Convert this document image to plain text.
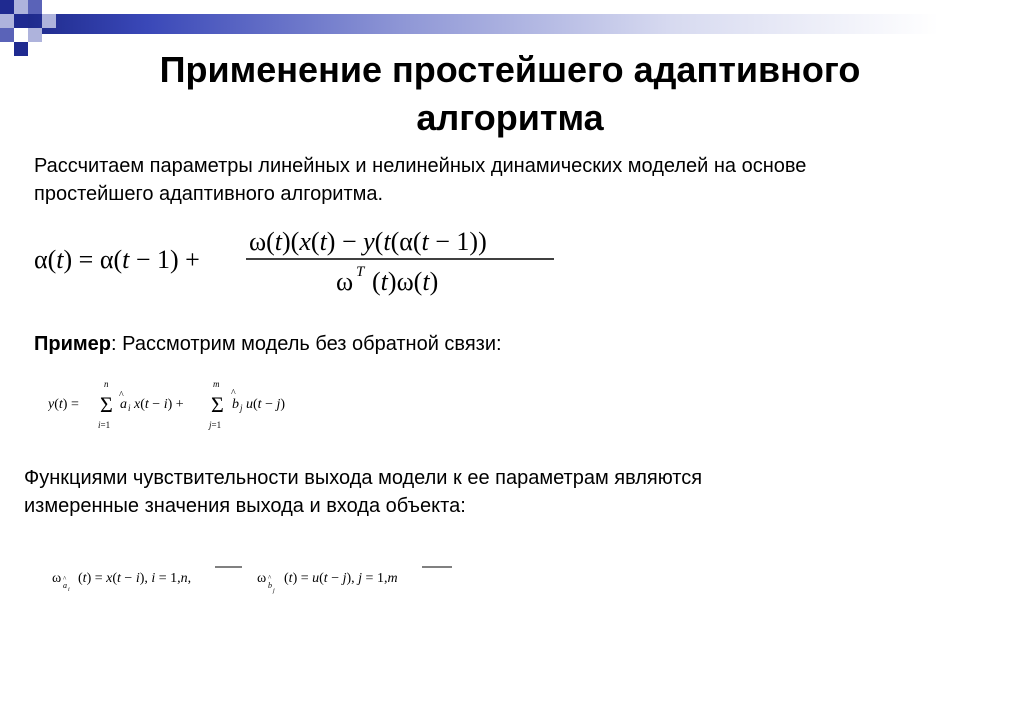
Применение простейшего адаптивного
алгоритма

Рассчитаем параметры линейных и нелинейных динамических моделей на основе
простейшего адаптивного алгоритма.

α(t) = α(t − 1) +
ω(t)(x(t) − y(t(α(t − 1))
ω T (t)ω(t)

Пример: Рассмотрим модель без обратной связи:

y(t) =
n
Σ
i=1
a
^
i x(t − i) +
m
Σ
j=1
b
^
j u(t − j)

Функциями чувствительности выхода модели к ее параметрам являются
измеренные значения выхода и входа объекта:

ω a
^
i
(t) = x(t − i), i = 1,n,	ω b
^
j
(t) = u(t − j), j = 1,m
